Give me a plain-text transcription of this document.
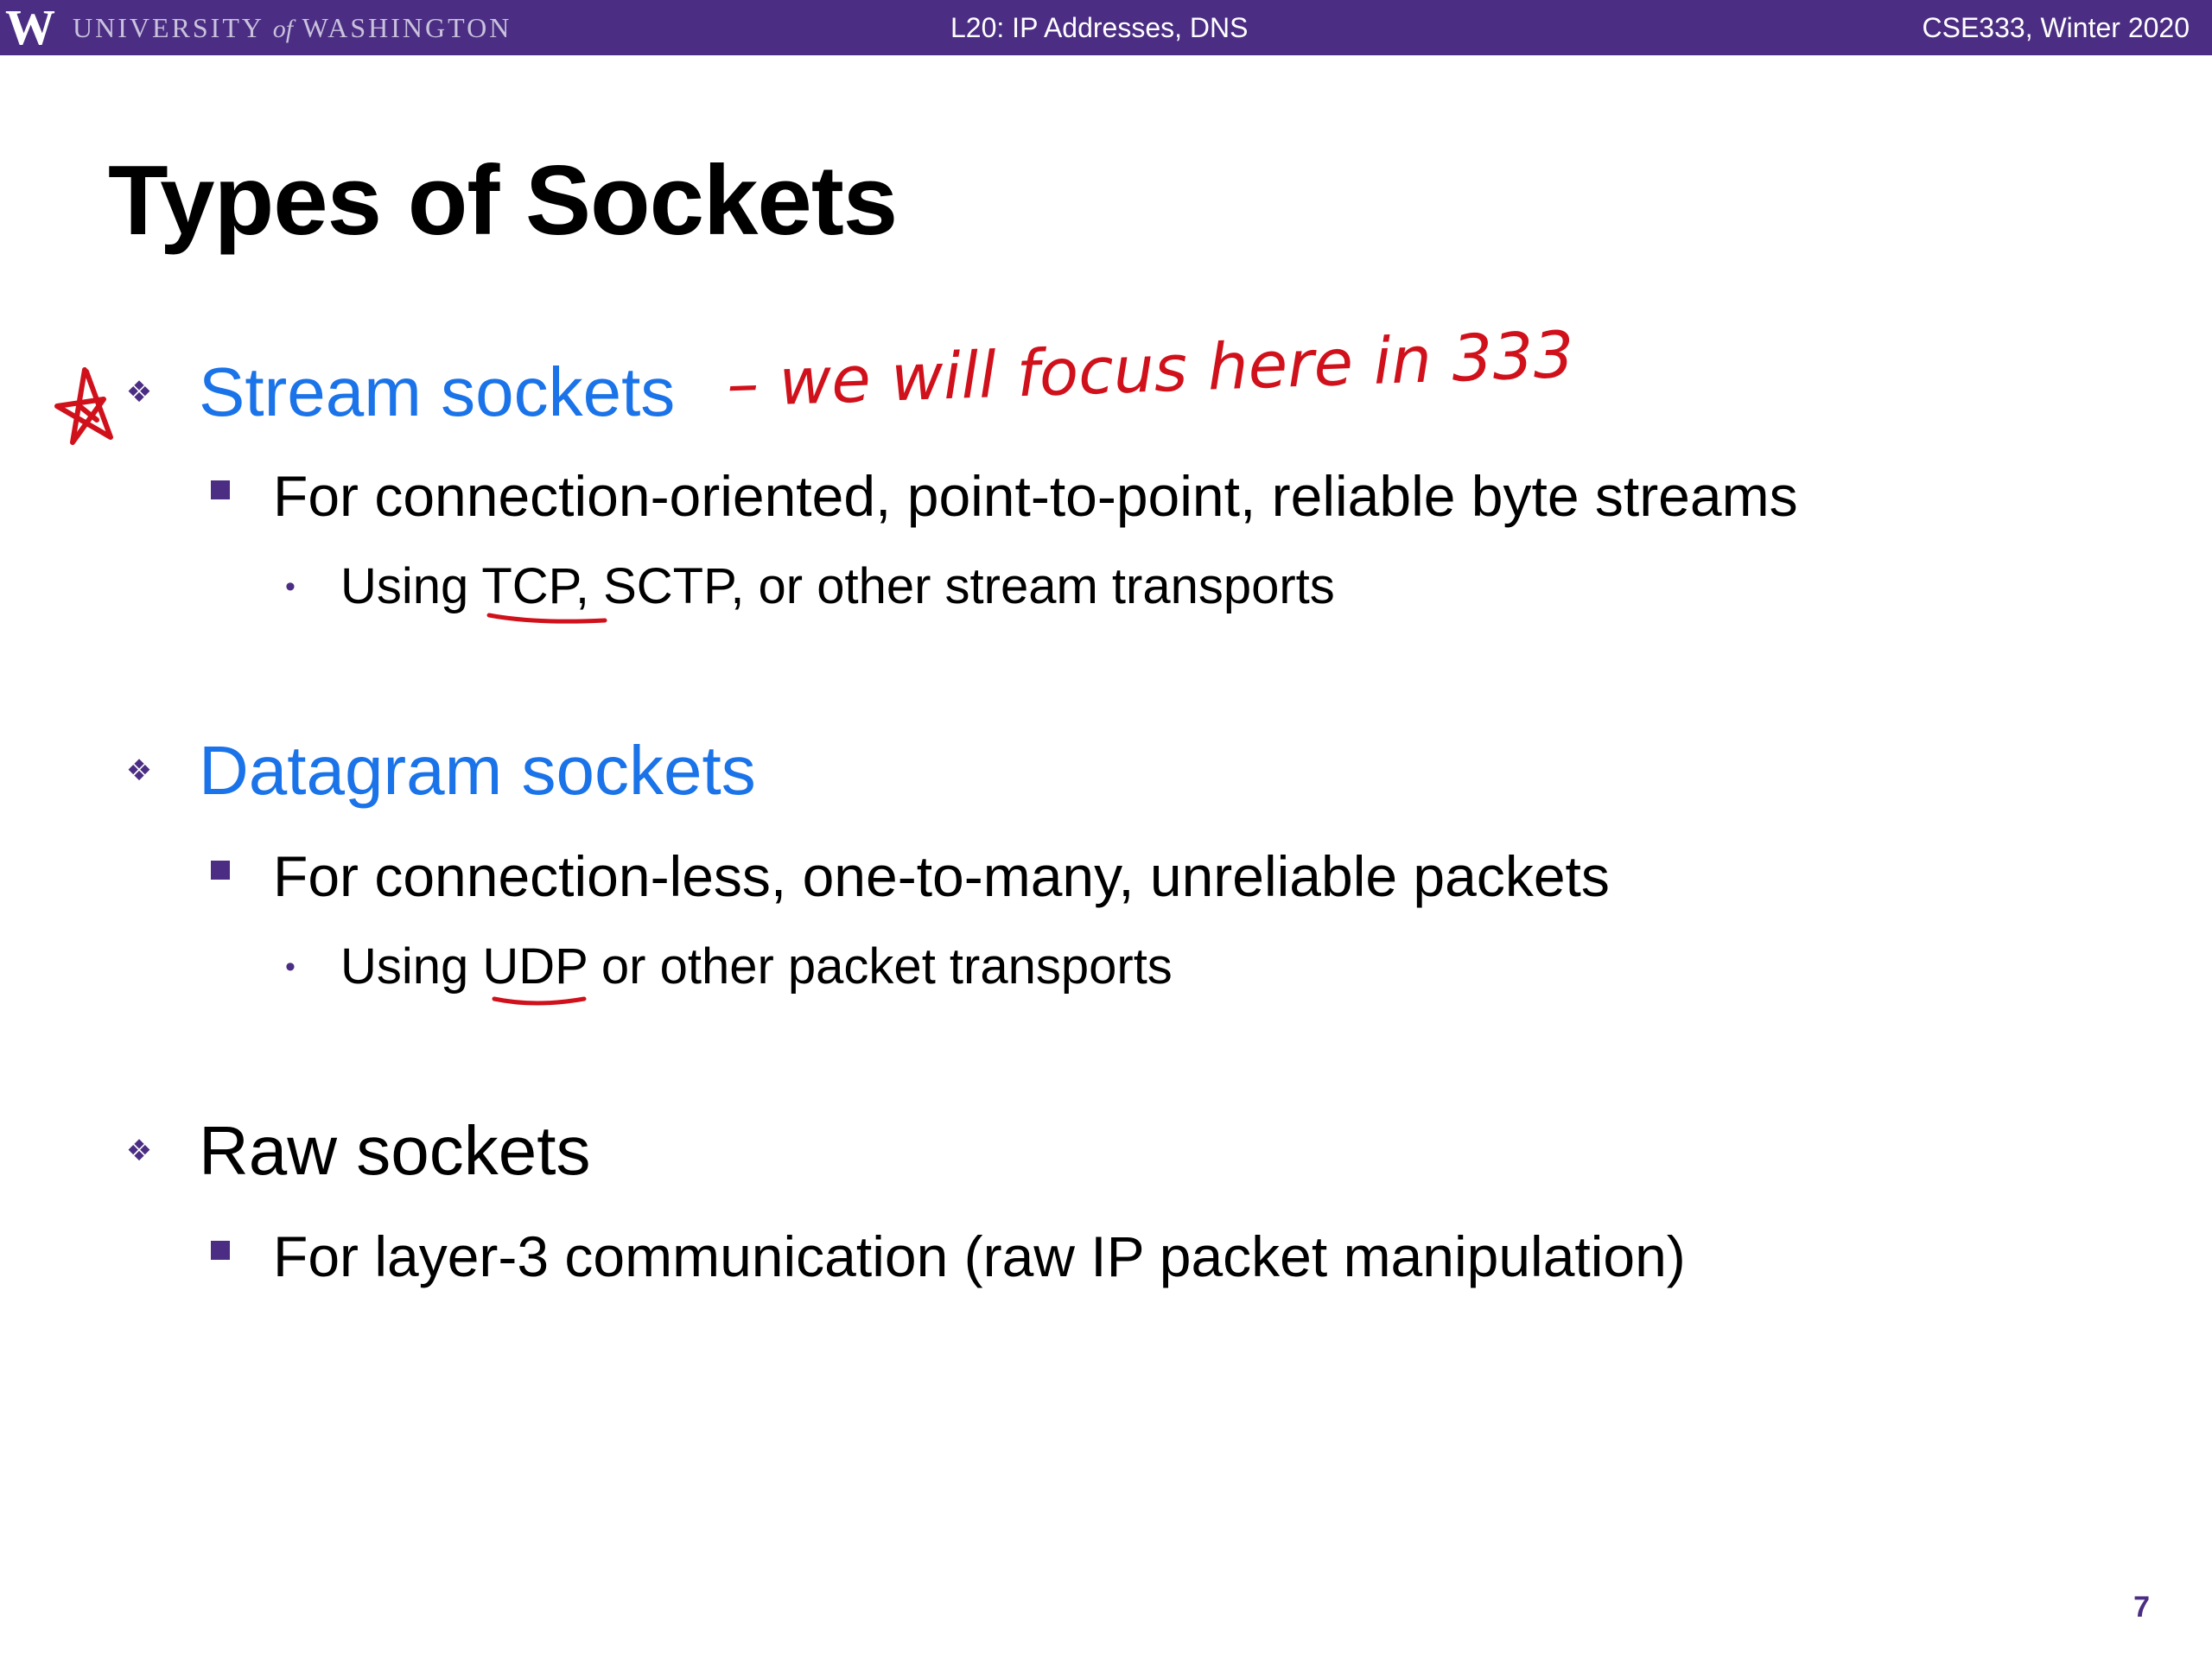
W UNIVERSITY of WASHINGTON	L20: IP Addresses, DNS	CSE333, Winter 2020
Types of Sockets
❖ Stream sockets
For connection-oriented, point-to-point, reliable byte streams
• Using TCP, SCTP, or other stream transports
❖ Datagram sockets
For connection-less, one-to-many, unreliable packets
• Using UDP or other packet transports
❖ Raw sockets
For layer-3 communication (raw IP packet manipulation)
7
– we will focus here in 333
